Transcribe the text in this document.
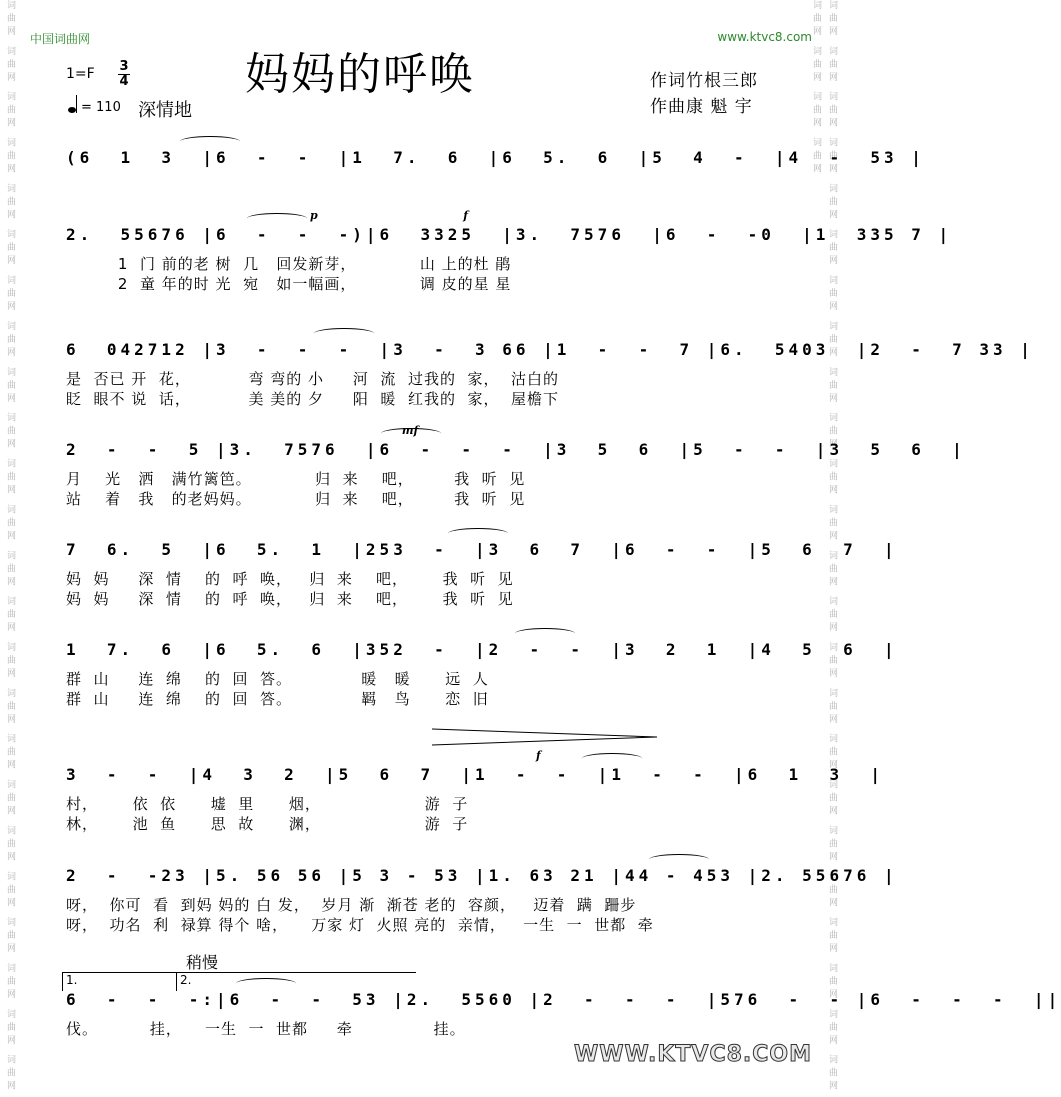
词曲网 词曲网 词曲网 词曲网 词曲网 词曲网 词曲网 词曲网 词曲网 词曲网 词曲网 词曲网 词曲网 词曲网 词曲网 词曲网 词曲网 词曲网 词曲网 词曲网 词曲网 词曲网 词曲网 词曲网	词曲网 词曲网 词曲网 词曲网 词曲网 词曲网 词曲网 词曲网 词曲网 词曲网 词曲网 词曲网 词曲网 词曲网 词曲网 词曲网 词曲网 词曲网 词曲网 词曲网 词曲网 词曲网 词曲网 词曲网 词曲网 词曲网 词曲网 词曲网
中国词曲网	www.ktvc8.com
妈妈的呼唤
1=F 3
4
= 110 深情地
作词竹根三郎
作曲康 魁 宇
(6  1  3  |6  -  -  |1  7.  6  |6  5.  6  |5  4  -  |4  -  53 |
p                                      f
2.  55676 |6  -  -  -)|6  3325  |3.  7576  |6  -  -0  |1  335 7 |
1  门 前的老 树  几   回发新芽，           山 上的杜 鹃
2  童 年的时 光  宛   如一幅画，           调 皮的星 星
6  042712 |3  -  -  -  |3  -  3 66 |1  -  -  7 |6.  5403  |2  -  7 33 |
是  否已 开  花，          弯 弯的 小     河  流  过我的  家，  沽白的
眨  眼不 说  话，          美 美的 夕     阳  暖  红我的  家，  屋檐下
mf
2  -  -  5 |3.  7576  |6  -  -  -  |3  5  6  |5  -  -  |3  5  6  |
月    光   洒   满竹篱笆。           归  来    吧，       我  听  见
站    着   我   的老妈妈。           归  来    吧，       我  听  见
7  6.  5  |6  5.  1  |253  -  |3  6  7  |6  -  -  |5  6  7  |
妈  妈     深  情    的  呼  唤，   归  来    吧，      我  听  见
妈  妈     深  情    的  呼  唤，   归  来    吧，      我  听  见
1  7.  6  |6  5.  6  |352  -  |2  -  -  |3  2  1  |4  5  6  |
群  山     连  绵    的  回  答。            暖   暖      远  人
群  山     连  绵    的  回  答。            羁   鸟      恋  旧
f
3  -  -  |4  3  2  |5  6  7  |1  -  -  |1  -  -  |6  1  3  |
村，      依  依      墟  里      烟，                  游  子
林，      池  鱼      思  故      渊，                  游  子
2  -  -23 |5. 56 56 |5 3 - 53 |1. 63 21 |44 - 453 |2. 55676 |
呀，  你可  看  到妈 妈的 白 发，  岁月 渐  渐苍 老的  容颜，   迈着  蹒  跚步
呀，  功名  利  禄算 得个 啥，    万家 灯  火照 亮的  亲情，   一生  一  世都  牵
6  -  -  -:|6  -  -  53 |2.  5560 |2  -  -  -  |576  -  - |6  -  -  -  ||
伐。         挂，    一生  一  世都     牵              挂。
1.	2.
稍慢
WWW.KTVC8.COM
